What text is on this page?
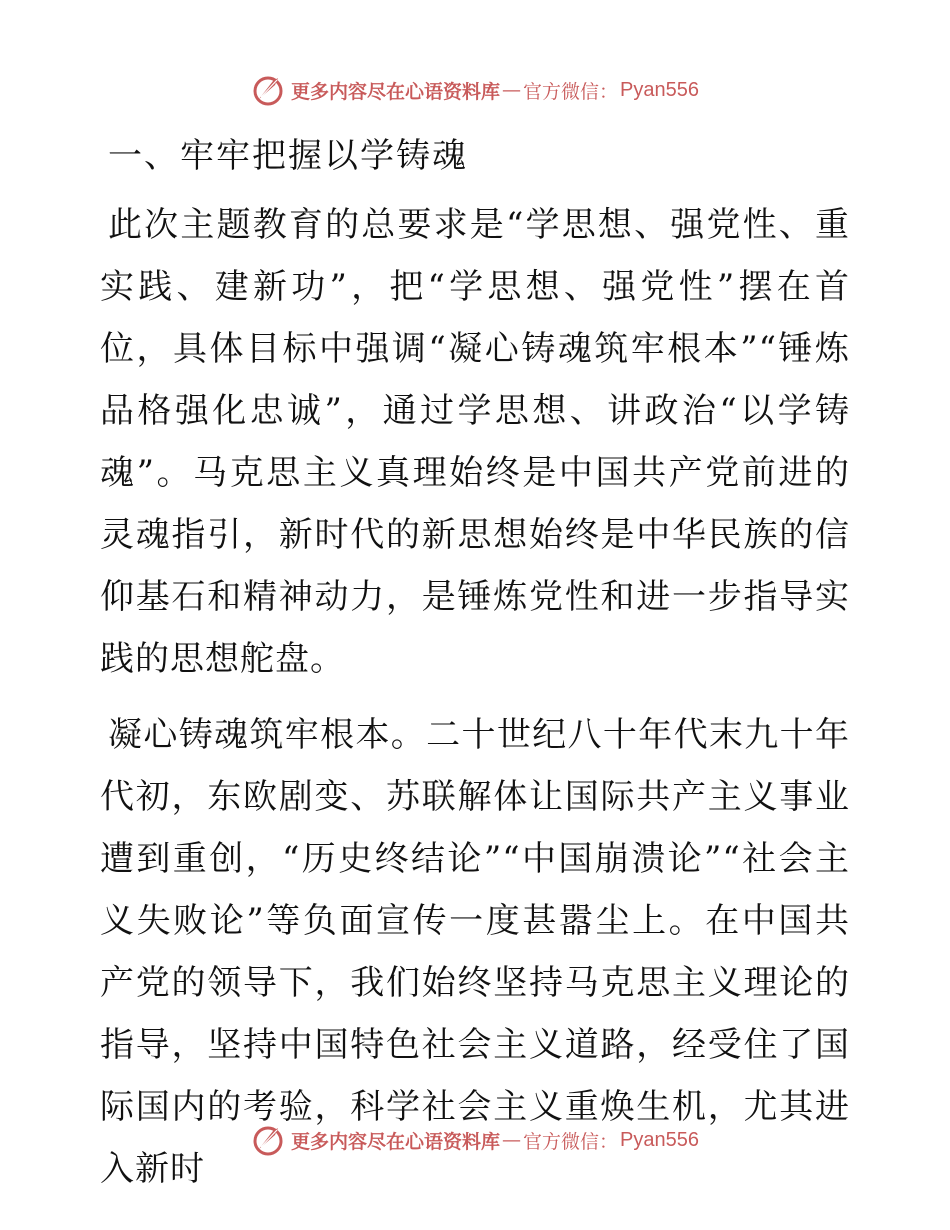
更多内容尽在心语资料库 — 官方微信： Pyan556
一、牢牢把握以学铸魂

此次主题教育的总要求是“学思想、强党性、重实践、建新功”，把“学思想、强党性”摆在首位，具体目标中强调“凝心铸魂筑牢根本”“锤炼品格强化忠诚”，通过学思想、讲政治“以学铸魂”。马克思主义真理始终是中国共产党前进的灵魂指引，新时代的新思想始终是中华民族的信仰基石和精神动力，是锤炼党性和进一步指导实践的思想舵盘。

凝心铸魂筑牢根本。二十世纪八十年代末九十年代初，东欧剧变、苏联解体让国际共产主义事业遭到重创，“历史终结论”“中国崩溃论”“社会主义失败论”等负面宣传一度甚嚣尘上。在中国共产党的领导下，我们始终坚持马克思主义理论的指导，坚持中国特色社会主义道路，经受住了国际国内的考验，科学社会主义重焕生机，尤其进入新时

更多内容尽在心语资料库 — 官方微信： Pyan556
